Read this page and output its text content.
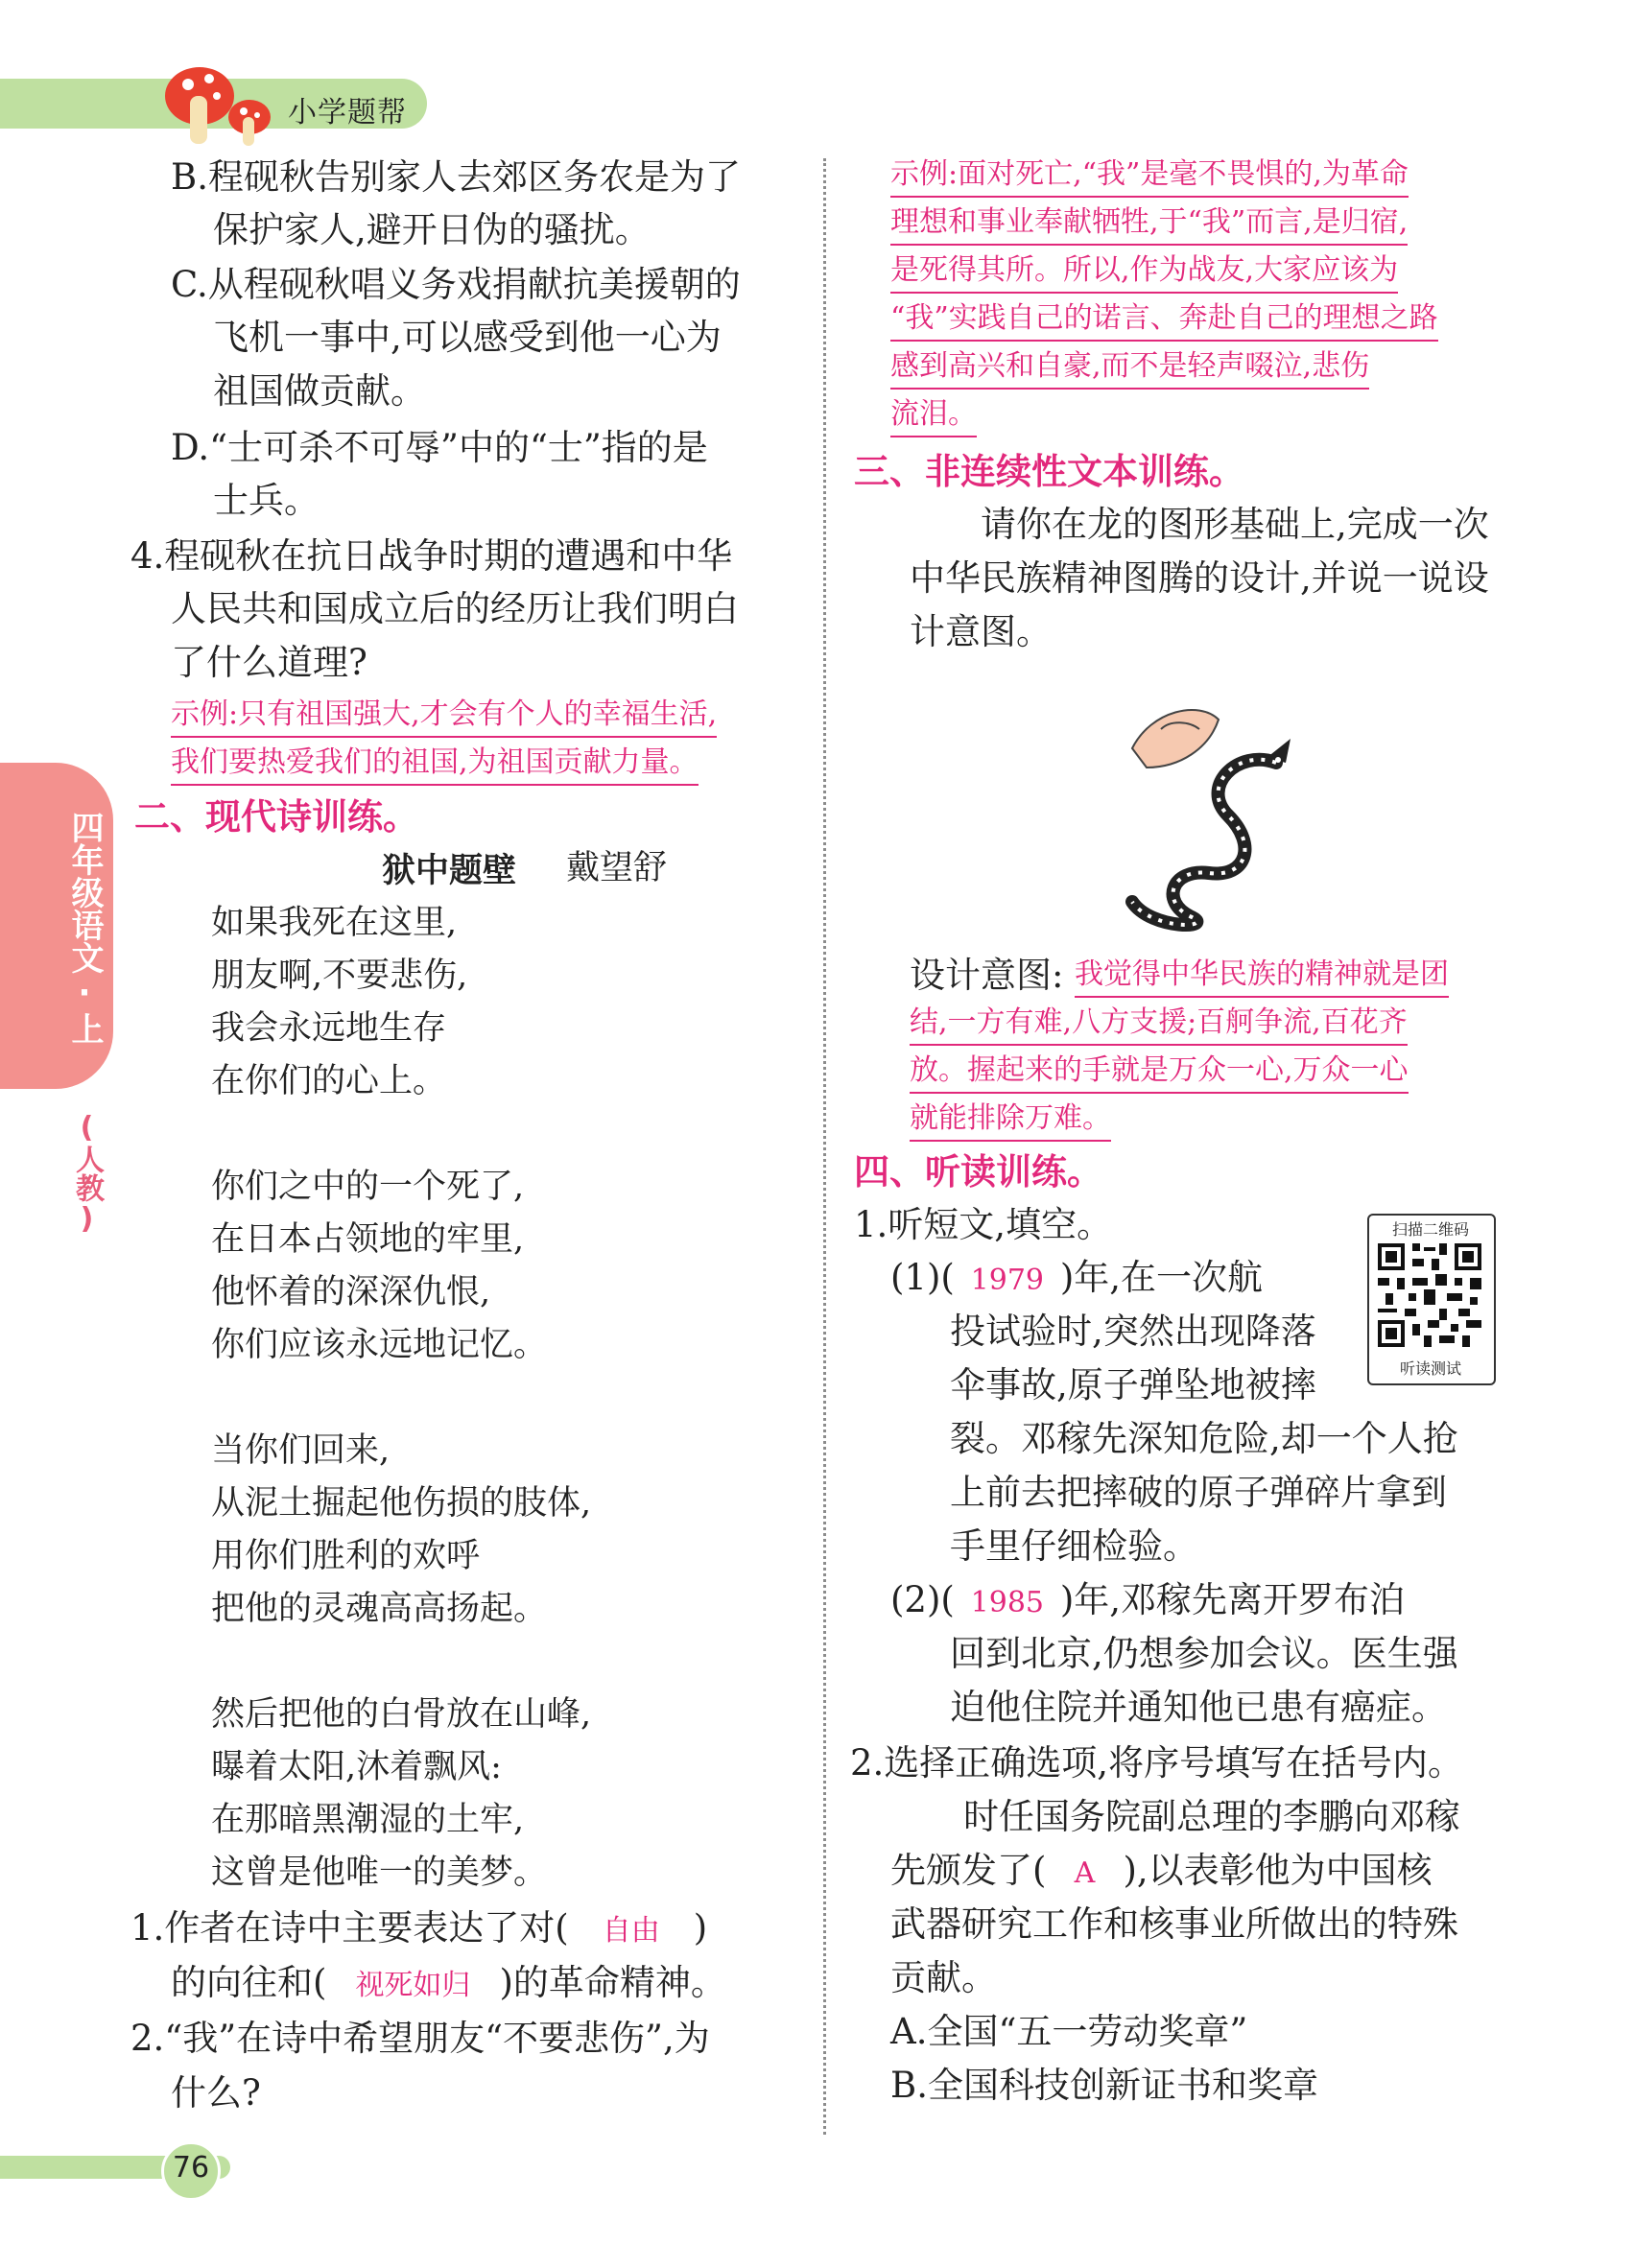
小学题帮
四年级语文·上
(人教)
B.程砚秋告别家人去郊区务农是为了
保护家人,避开日伪的骚扰。
C.从程砚秋唱义务戏捐献抗美援朝的
飞机一事中,可以感受到他一心为
祖国做贡献。
D.“士可杀不可辱”中的“士”指的是
士兵。
4.程砚秋在抗日战争时期的遭遇和中华
人民共和国成立后的经历让我们明白
了什么道理?
示例:只有祖国强大,才会有个人的幸福生活,
我们要热爱我们的祖国,为祖国贡献力量。
二、现代诗训练。
狱中题壁 戴望舒
如果我死在这里,
朋友啊,不要悲伤,
我会永远地生存
在你们的心上。
你们之中的一个死了,
在日本占领地的牢里,
他怀着的深深仇恨,
你们应该永远地记忆。
当你们回来,
从泥土掘起他伤损的肢体,
用你们胜利的欢呼
把他的灵魂高高扬起。
然后把他的白骨放在山峰,
曝着太阳,沐着飘风:
在那暗黑潮湿的土牢,
这曾是他唯一的美梦。
1.作者在诗中主要表达了对( 自由 )
的向往和( 视死如归 )的革命精神。
2.“我”在诗中希望朋友“不要悲伤”,为
什么?
示例:面对死亡,“我”是毫不畏惧的,为革命
理想和事业奉献牺牲,于“我”而言,是归宿,
是死得其所。所以,作为战友,大家应该为
“我”实践自己的诺言、奔赴自己的理想之路
感到高兴和自豪,而不是轻声啜泣,悲伤
流泪。
三、非连续性文本训练。
请你在龙的图形基础上,完成一次
中华民族精神图腾的设计,并说一说设
计意图。
设计意图: 我觉得中华民族的精神就是团
结,一方有难,八方支援;百舸争流,百花齐
放。握起来的手就是万众一心,万众一心
就能排除万难。
四、听读训练。
1.听短文,填空。	扫描二维码
听读测试
(1)( 1979 )年,在一次航
投试验时,突然出现降落
伞事故,原子弹坠地被摔
裂。邓稼先深知危险,却一个人抢
上前去把摔破的原子弹碎片拿到
手里仔细检验。
(2)( 1985 )年,邓稼先离开罗布泊
回到北京,仍想参加会议。医生强
迫他住院并通知他已患有癌症。
2.选择正确选项,将序号填写在括号内。
时任国务院副总理的李鹏向邓稼
先颁发了( A ),以表彰他为中国核
武器研究工作和核事业所做出的特殊
贡献。
A.全国“五一劳动奖章”
B.全国科技创新证书和奖章
76
